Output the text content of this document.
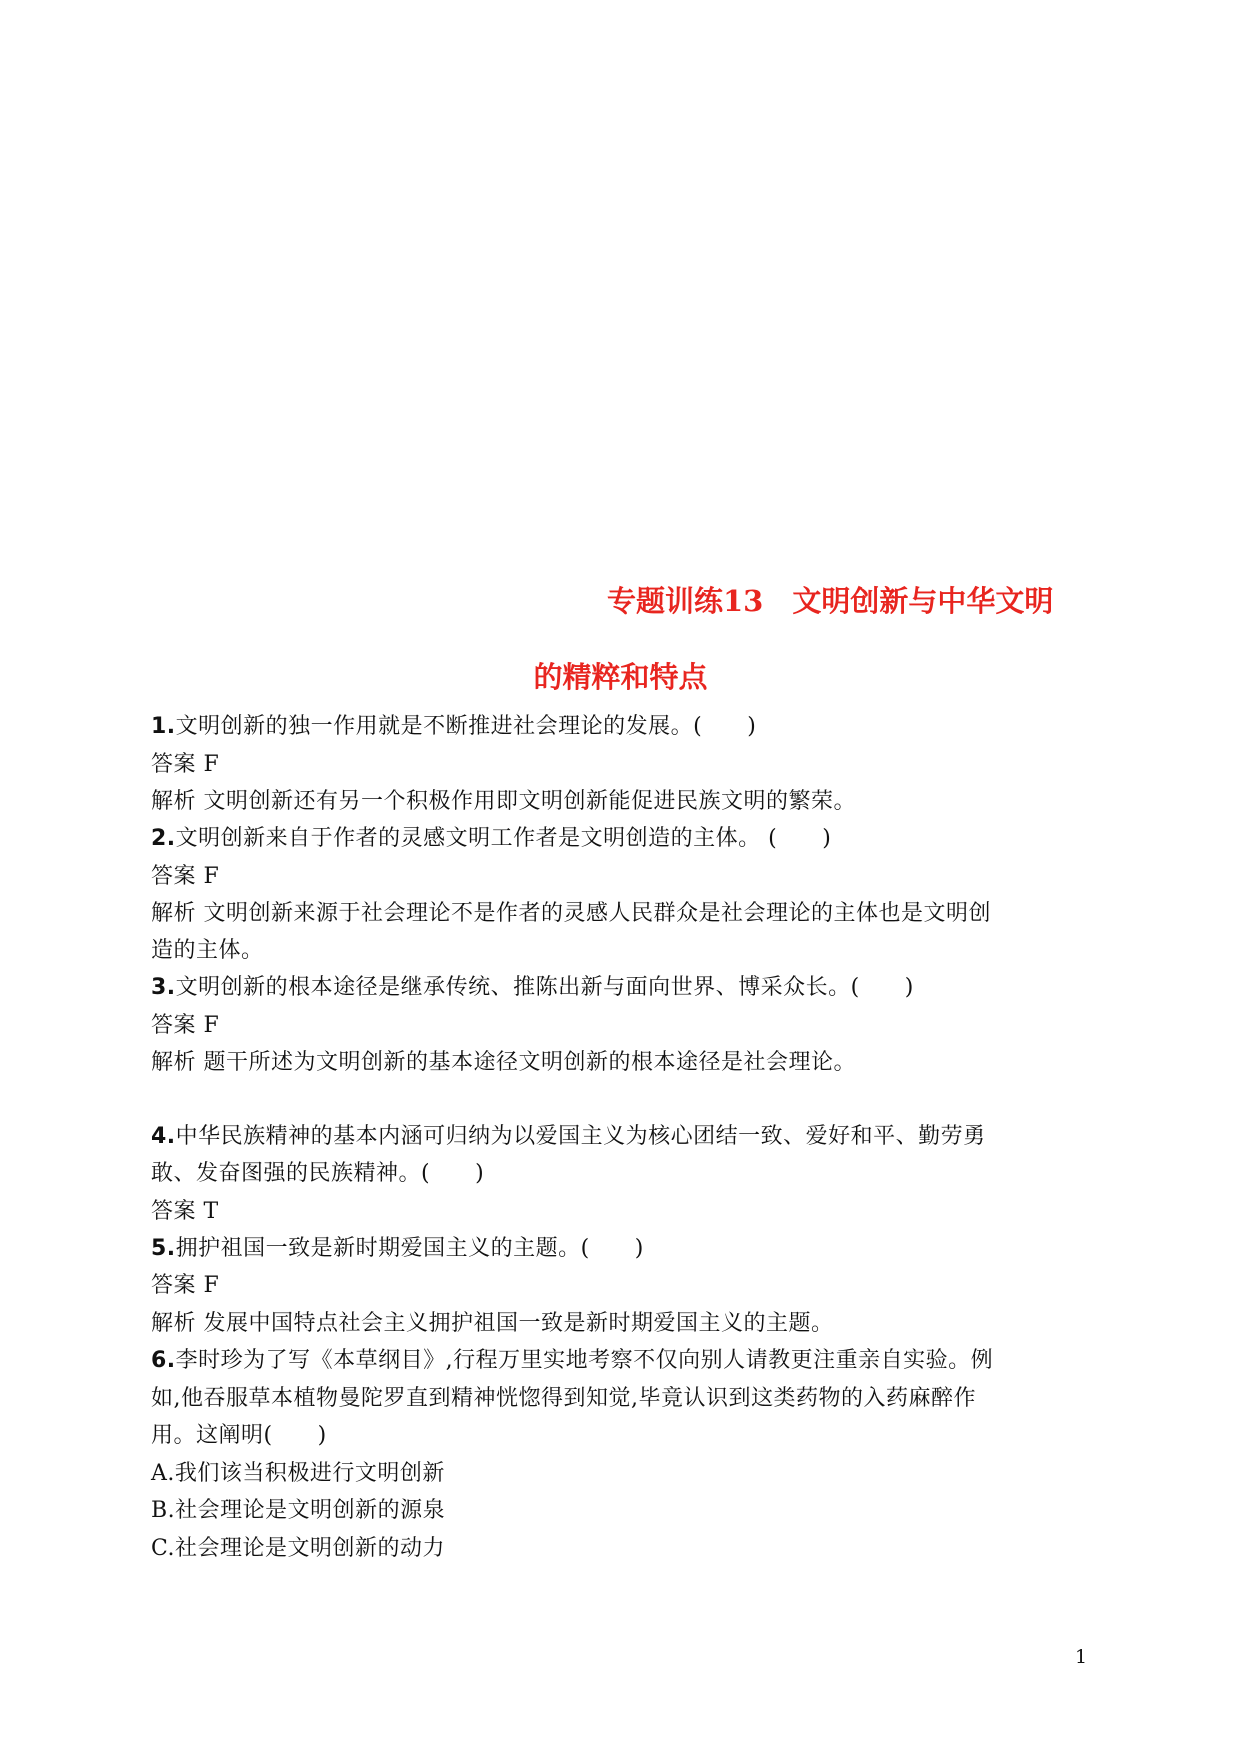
专题训练13　文明创新与中华文明
的精粹和特点
1.文明创新的独一作用就是不断推进社会理论的发展。(　　)
答案 F
解析 文明创新还有另一个积极作用即文明创新能促进民族文明的繁荣。
2.文明创新来自于作者的灵感文明工作者是文明创造的主体。 (　　)
答案 F
解析 文明创新来源于社会理论不是作者的灵感人民群众是社会理论的主体也是文明创
造的主体。
3.文明创新的根本途径是继承传统、推陈出新与面向世界、博采众长。(　　)
答案 F
解析 题干所述为文明创新的基本途径文明创新的根本途径是社会理论。
4.中华民族精神的基本内涵可归纳为以爱国主义为核心团结一致、爱好和平、勤劳勇
敢、发奋图强的民族精神。(　　)
答案 T
5.拥护祖国一致是新时期爱国主义的主题。(　　)
答案 F
解析 发展中国特点社会主义拥护祖国一致是新时期爱国主义的主题。
6.李时珍为了写《本草纲目》,行程万里实地考察不仅向别人请教更注重亲自实验。例
如,他吞服草本植物曼陀罗直到精神恍惚得到知觉,毕竟认识到这类药物的入药麻醉作
用。这阐明(　　)
A.我们该当积极进行文明创新
B.社会理论是文明创新的源泉
C.社会理论是文明创新的动力
1
